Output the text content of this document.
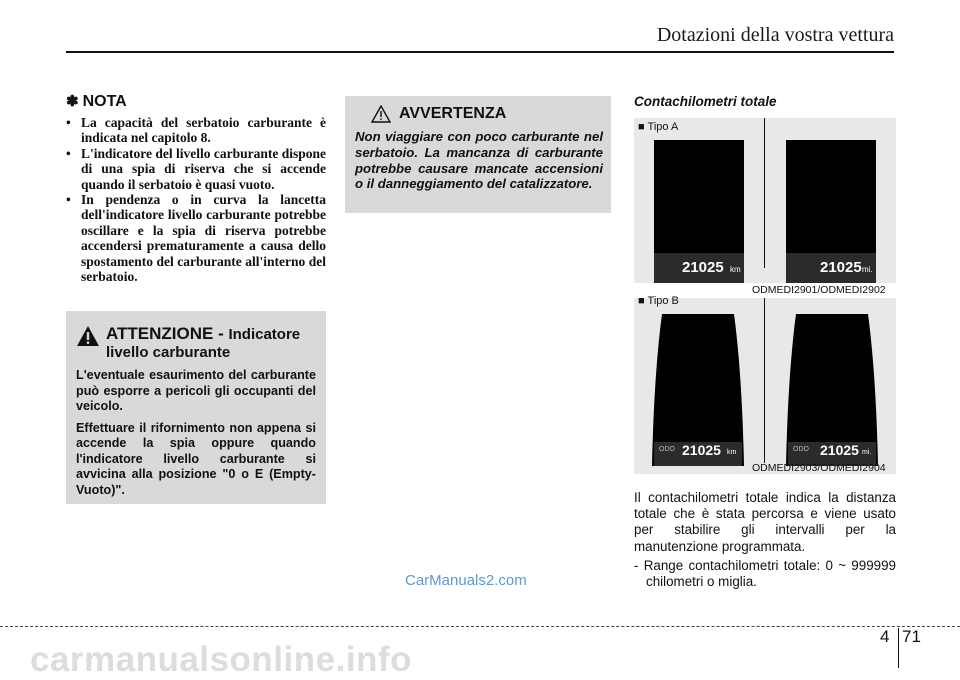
Dotazioni della vostra vettura
✽ NOTA
• La capacità del serbatoio carburante è indicata nel capitolo 8.
• L'indicatore del livello carburante dispone di una spia di riserva che si accende quando il serbatoio è quasi vuoto.
• In pendenza o in curva la lancetta dell'indicatore livello carburante potrebbe oscillare e la spia di riserva potrebbe accendersi prematuramente a causa dello spostamento del carburante all'interno del serbatoio.
ATTENZIONE - Indicatore livello carburante

L'eventuale esaurimento del carburante può esporre a pericoli gli occupanti del veicolo.

Effettuare il rifornimento non appena si accende la spia oppure quando l'indicatore livello carburante si avvicina alla posizione "0 o E (Empty-Vuoto)".

AVVERTENZA

Non viaggiare con poco carburante nel serbatoio. La mancanza di carburante potrebbe causare mancate accensioni o il danneggiamento del catalizzatore.

Contachilometri totale
■ Tipo A
21025 km	21025 mi.
ODMEDI2901/ODMEDI2902
■ Tipo B
ODO 21025 km	ODO 21025 mi.
ODMEDI2903/ODMEDI2904

Il contachilometri totale indica la distanza totale che è stata percorsa e viene usato per stabilire gli intervalli per la manutenzione programmata.

- Range contachilometri totale: 0 ~ 999999 chilometri o miglia.

CarManuals2.com
4 71
carmanualsonline.info
